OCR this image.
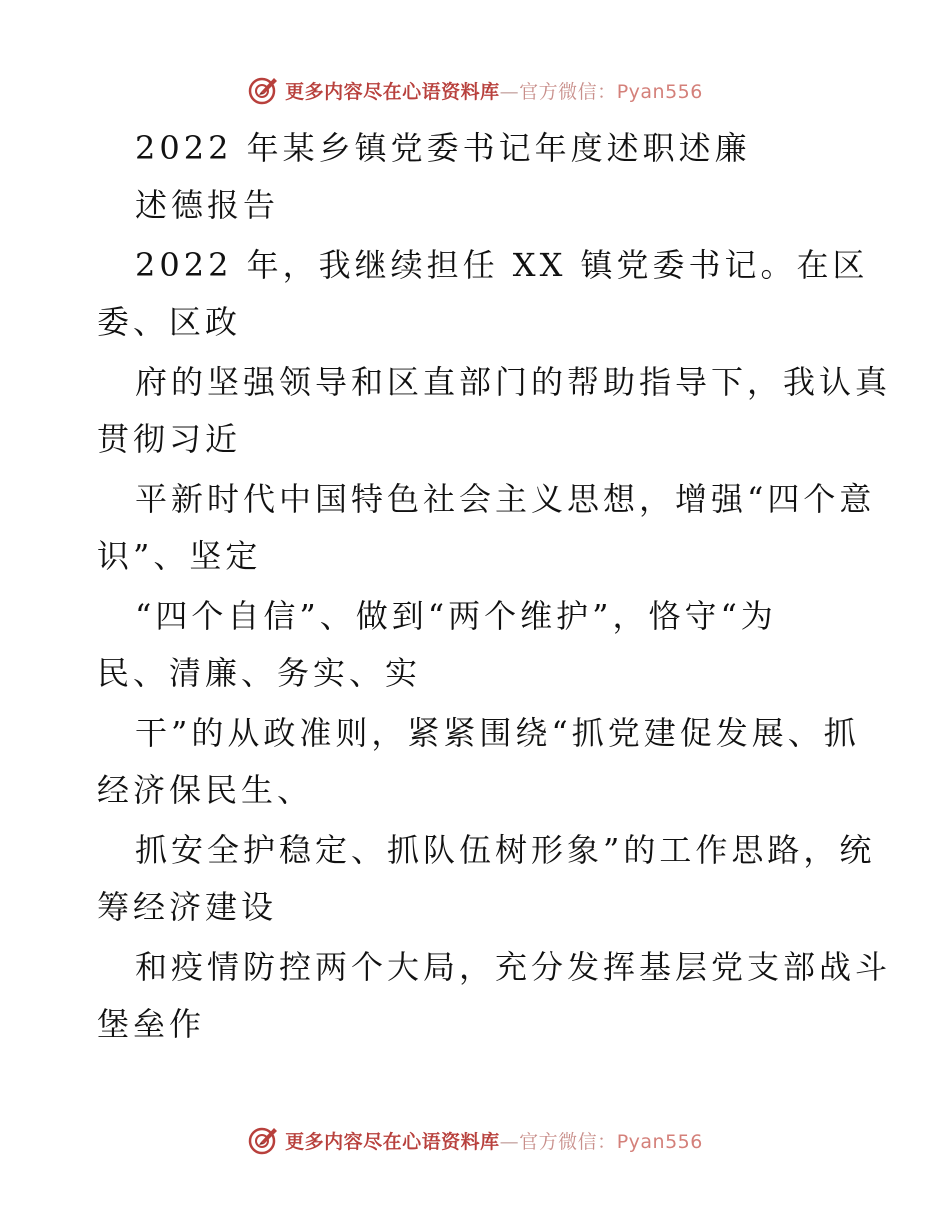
更多内容尽在心语资料库—官方微信：Pyan556
2022 年某乡镇党委书记年度述职述廉
述德报告
2022 年，我继续担任 XX 镇党委书记。在区
委、区政
府的坚强领导和区直部门的帮助指导下，我认真
贯彻习近
平新时代中国特色社会主义思想，增强“四个意
识”、坚定
“四个自信”、做到“两个维护”，恪守“为
民、清廉、务实、实
干”的从政准则，紧紧围绕“抓党建促发展、抓
经济保民生、
抓安全护稳定、抓队伍树形象”的工作思路，统
筹经济建设
和疫情防控两个大局，充分发挥基层党支部战斗
堡垒作
更多内容尽在心语资料库—官方微信：Pyan556
